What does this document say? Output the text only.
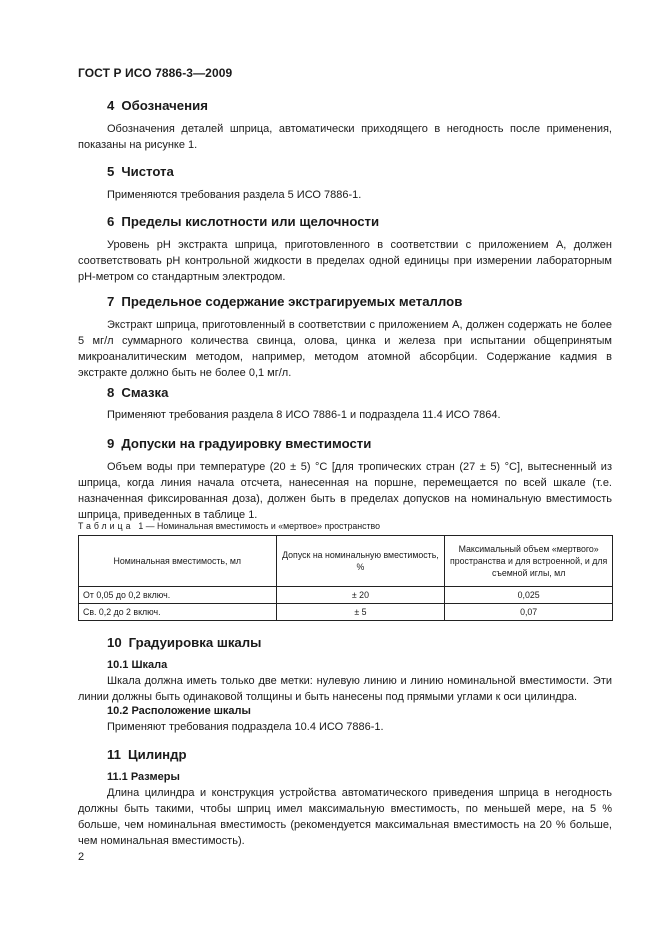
ГОСТ Р ИСО 7886-3—2009
4 Обозначения
Обозначения деталей шприца, автоматически приходящего в негодность после применения, показаны на рисунке 1.
5 Чистота
Применяются требования раздела 5 ИСО 7886-1.
6 Пределы кислотности или щелочности
Уровень pH экстракта шприца, приготовленного в соответствии с приложением А, должен соответствовать pH контрольной жидкости в пределах одной единицы при измерении лабораторным pH-метром со стандартным электродом.
7 Предельное содержание экстрагируемых металлов
Экстракт шприца, приготовленный в соответствии с приложением А, должен содержать не более 5 мг/л суммарного количества свинца, олова, цинка и железа при испытании общепринятым микроаналитическим методом, например, методом атомной абсорбции. Содержание кадмия в экстракте должно быть не более 0,1 мг/л.
8 Смазка
Применяют требования раздела 8 ИСО 7886-1 и подраздела 11.4 ИСО 7864.
9 Допуски на градуировку вместимости
Объем воды при температуре (20 ± 5) °С [для тропических стран (27 ± 5) °С], вытесненный из шприца, когда линия начала отсчета, нанесенная на поршне, перемещается по всей шкале (т.е. назначенная фиксированная доза), должен быть в пределах допусков на номинальную вместимость шприца, приведенных в таблице 1.
Таблица 1 — Номинальная вместимость и «мертвое» пространство
Номинальная вместимость, мл	Допуск на номинальную вместимость, %	Максимальный объем «мертвого» пространства и для встроенной, и для съемной иглы, мл
От 0,05 до 0,2 включ.	± 20	0,025
Св. 0,2 до 2 включ.	± 5	0,07
10 Градуировка шкалы
10.1 Шкала
Шкала должна иметь только две метки: нулевую линию и линию номинальной вместимости. Эти линии должны быть одинаковой толщины и быть нанесены под прямыми углами к оси цилиндра.
10.2 Расположение шкалы
Применяют требования подраздела 10.4 ИСО 7886-1.
11 Цилиндр
11.1 Размеры
Длина цилиндра и конструкция устройства автоматического приведения шприца в негодность должны быть такими, чтобы шприц имел максимальную вместимость, по меньшей мере, на 5 % больше, чем номинальная вместимость (рекомендуется максимальная вместимость на 20 % больше, чем номинальная вместимость).
2
